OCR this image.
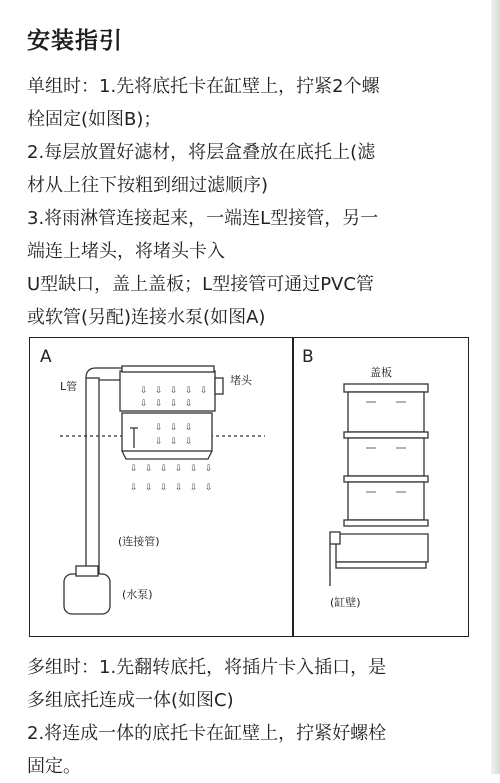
安装指引

单组时：1.先将底托卡在缸壁上，拧紧2个螺
栓固定(如图B)；
2.每层放置好滤材，将层盒叠放在底托上(滤
材从上往下按粗到细过滤顺序)
3.将雨淋管连接起来，一端连L型接管，另一
端连上堵头，将堵头卡入
U型缺口，盖上盖板；L型接管可通过PVC管
或软管(另配)连接水泵(如图A)

A
L管	堵头
(连接管)
(水泵)
⇩ ⇩ ⇩ ⇩ ⇩
⇩ ⇩ ⇩ ⇩
⇩ ⇩ ⇩
⇩ ⇩ ⇩
⇩ ⇩ ⇩ ⇩ ⇩ ⇩
⇩ ⇩ ⇩ ⇩ ⇩ ⇩
B
盖板
(缸壁)

多组时：1.先翻转底托，将插片卡入插口，是
多组底托连成一体(如图C)
2.将连成一体的底托卡在缸壁上，拧紧好螺栓
固定。
